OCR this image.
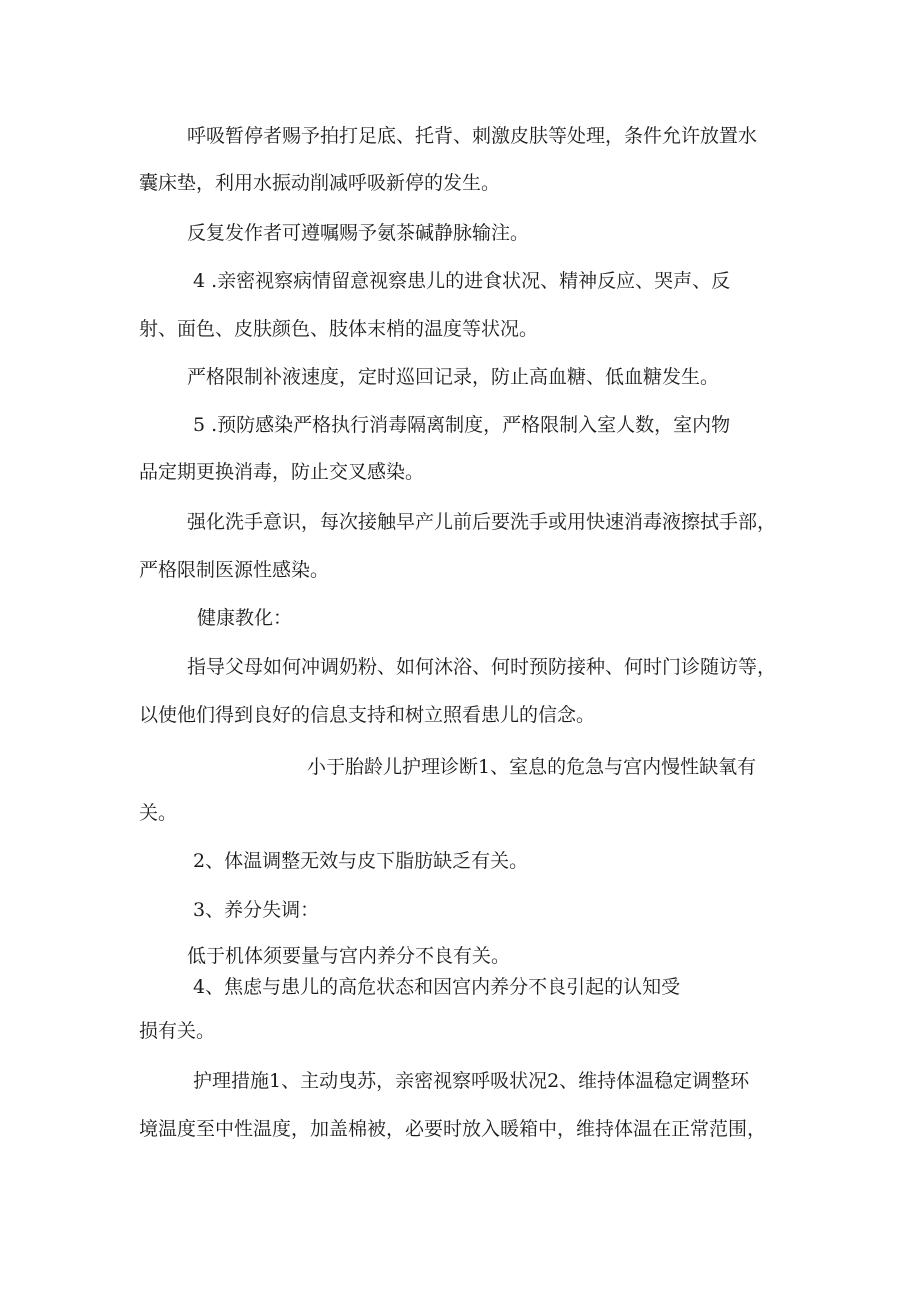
呼吸暂停者赐予拍打足底、托背、刺激皮肤等处理，条件允许放置水
囊床垫，利用水振动削减呼吸新停的发生。
反复发作者可遵嘱赐予氨茶碱静脉输注。
4 .亲密视察病情留意视察患儿的进食状况、精神反应、哭声、反
射、面色、皮肤颜色、肢体末梢的温度等状况。
严格限制补液速度，定时巡回记录，防止高血糖、低血糖发生。
5 .预防感染严格执行消毒隔离制度，严格限制入室人数，室内物
品定期更换消毒，防止交叉感染。
强化洗手意识，每次接触早产儿前后要洗手或用快速消毒液擦拭手部，
严格限制医源性感染。
健康教化：
指导父母如何冲调奶粉、如何沐浴、何时预防接种、何时门诊随访等，
以使他们得到良好的信息支持和树立照看患儿的信念。
小于胎龄儿护理诊断1、室息的危急与宫内慢性缺氧有
关。
2、体温调整无效与皮下脂肪缺乏有关。
3、养分失调：
低于机体须要量与宫内养分不良有关。
4、焦虑与患儿的高危状态和因宫内养分不良引起的认知受
损有关。
护理措施1、主动曳苏，亲密视察呼吸状况2、维持体温稳定调整环
境温度至中性温度，加盖棉被，必要时放入暖箱中，维持体温在正常范围，
